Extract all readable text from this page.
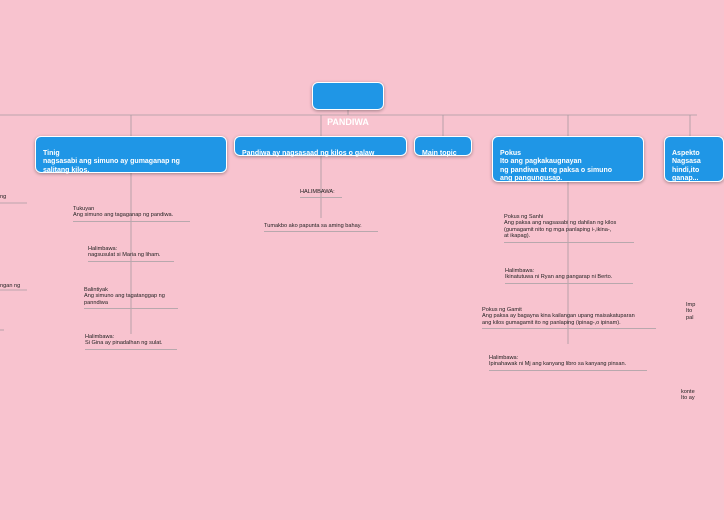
PANDIWA

Tinig
nagsasabi ang simuno ay gumaganap ng
salitang kilos.

Pandiwa ay nagsasaad ng kilos o galaw	Main topic	Pokus
Ito ang pagkakaugnayan
ng pandiwa at ng paksa o simuno
ang pangungusap.

Aspekto
Nagsasa
hindi,ito
ganap...

Tukuyan
Ang simuno ang tagaganap ng pandiwa.

Halimbawa:
nagsusulat si Maria ng liham.

Balintiyak
Ang simuno ang tagatanggap ng
panndiwa

Halimbawa:
Si Gina ay pinadalhan ng sulat.

HALIMBAWA:

Tumakbo ako papunta sa aming bahay.

Pokus ng Sanhi
Ang paksa ang nagsasabi ng dahilan ng kilos
(gumagamit nito ng mga panlaping i-,ikina-,
at ikapag).

Halimbawa:
Ikinatutuwa ni Ryan ang pangarap ni Berto.

Pokus ng Gamit
Ang paksa ay bagayna kina kailangan upang maisakatuparan
ang kilos gumagamit ito ng panlaping (ipinag-,o ipinam).

Halimbawa:
Ipinahawak ni Mj ang kanyang libro sa kanyang pinsan.

ng

ngan ng

Imp
Ito
pal

konte
Ito ay
